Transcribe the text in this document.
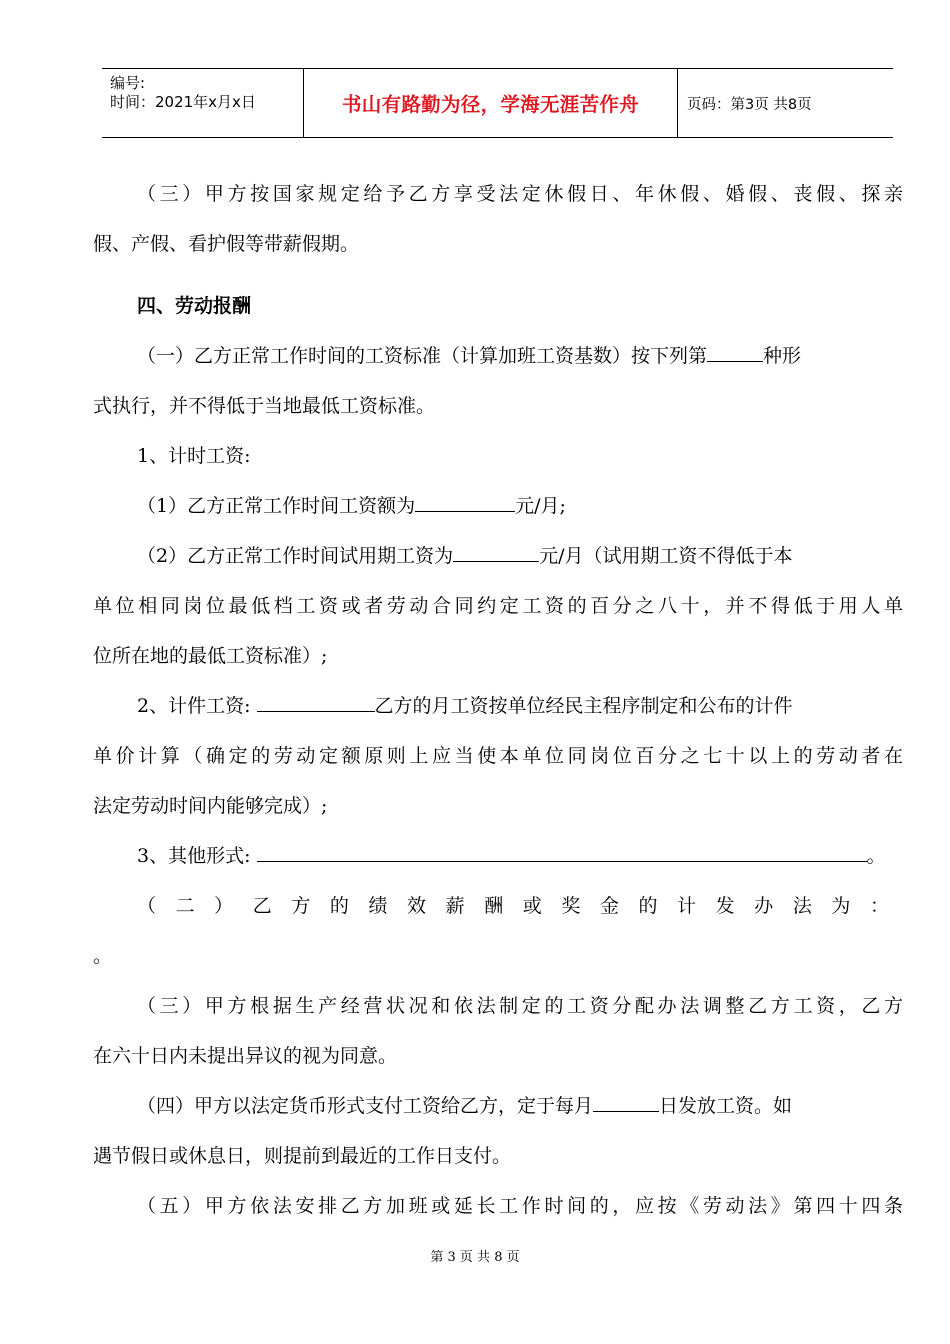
编号:
时间：2021年x月x日	书山有路勤为径，学海无涯苦作舟	页码：第3页 共8页
（三）甲方按国家规定给予乙方享受法定休假日、年休假、婚假、丧假、探亲
假、产假、看护假等带薪假期。
四、劳动报酬
（一）乙方正常工作时间的工资标准（计算加班工资基数）按下列第	种形
式执行，并不得低于当地最低工资标准。
1、计时工资:
（1）乙方正常工作时间工资额为	元/月;
（2）乙方正常工作时间试用期工资为	元/月（试用期工资不得低于本
单位相同岗位最低档工资或者劳动合同约定工资的百分之八十，并不得低于用人单
位所在地的最低工资标准）;
2、计件工资:	乙方的月工资按单位经民主程序制定和公布的计件
单价计算（确定的劳动定额原则上应当使本单位同岗位百分之七十以上的劳动者在
法定劳动时间内能够完成）;
3、其他形式:	。
（ 二 ） 乙 方 的 绩 效 薪 酬 或 奖 金 的 计 发 办 法 为 ：
。
（三）甲方根据生产经营状况和依法制定的工资分配办法调整乙方工资，乙方
在六十日内未提出异议的视为同意。
（四）甲方以法定货币形式支付工资给乙方，定于每月	日发放工资。如
遇节假日或休息日，则提前到最近的工作日支付。
（五）甲方依法安排乙方加班或延长工作时间的，应按《劳动法》第四十四条
第 3 页 共 8 页
